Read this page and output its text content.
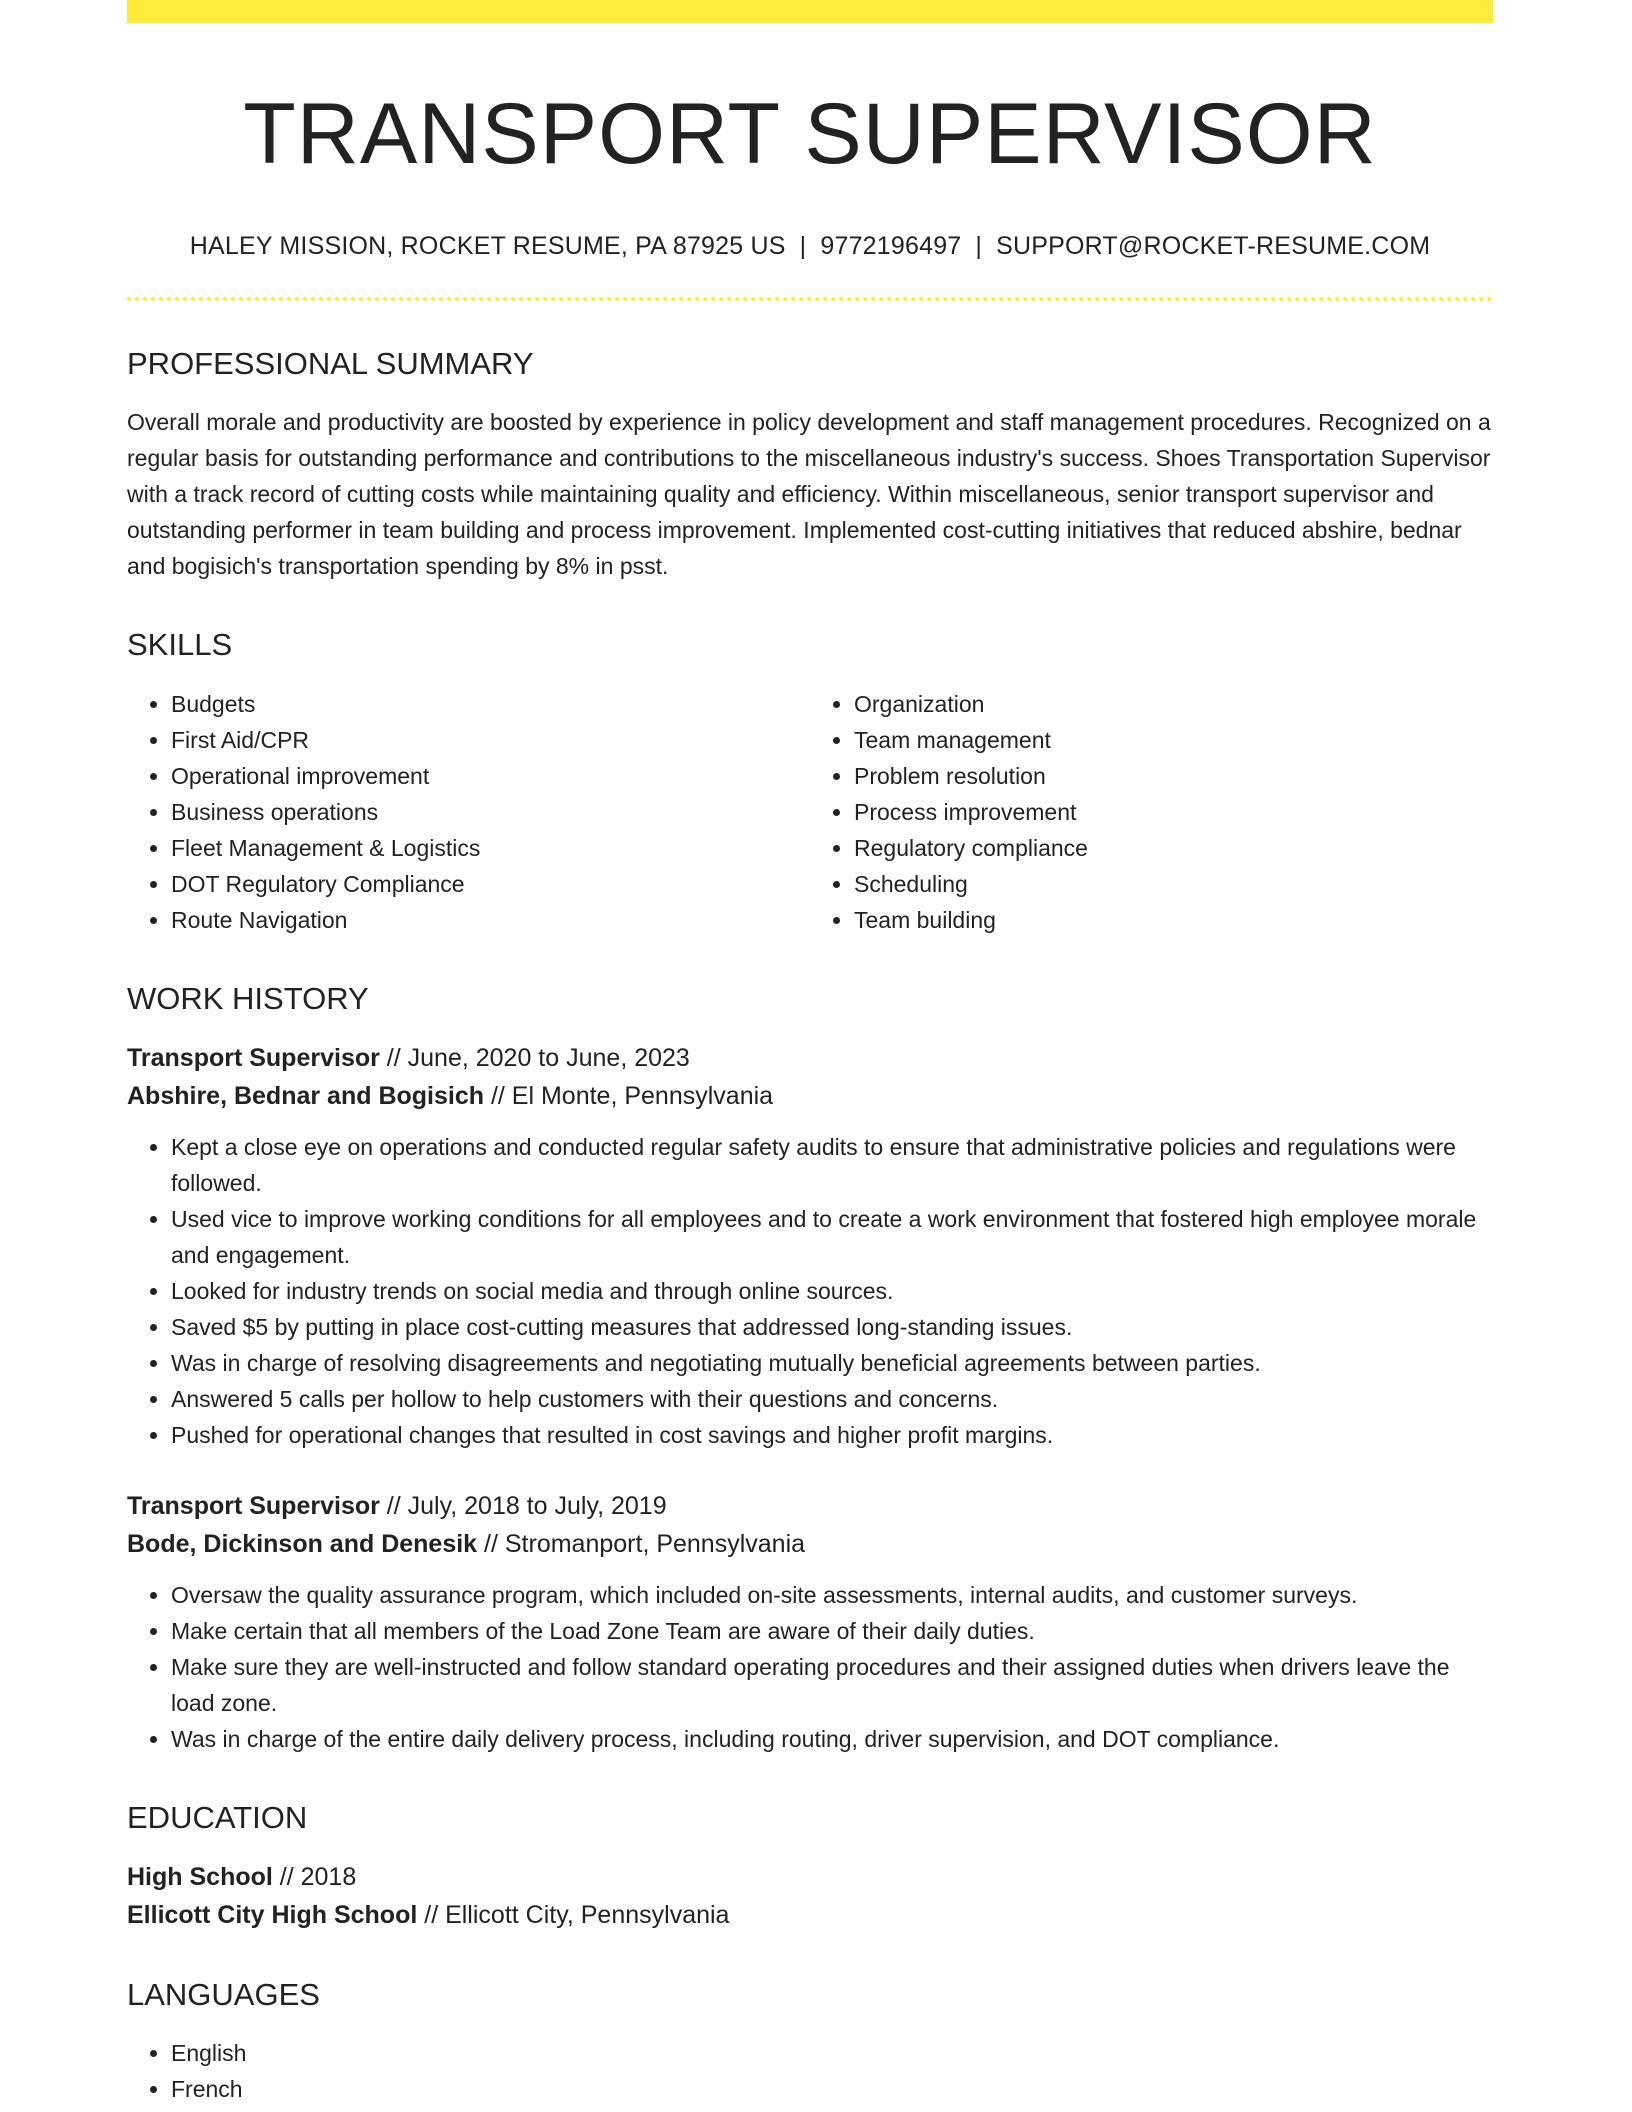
TRANSPORT SUPERVISOR
HALEY MISSION, ROCKET RESUME, PA 87925 US | 9772196497 | SUPPORT@ROCKET-RESUME.COM
PROFESSIONAL SUMMARY

Overall morale and productivity are boosted by experience in policy development and staff management procedures. Recognized on a regular basis for outstanding performance and contributions to the miscellaneous industry's success. Shoes Transportation Supervisor with a track record of cutting costs while maintaining quality and efficiency. Within miscellaneous, senior transport supervisor and outstanding performer in team building and process improvement. Implemented cost-cutting initiatives that reduced abshire, bednar and bogisich's transportation spending by 8% in psst.

SKILLS
• Budgets
• First Aid/CPR
• Operational improvement
• Business operations
• Fleet Management & Logistics
• DOT Regulatory Compliance
• Route Navigation
• Organization
• Team management
• Problem resolution
• Process improvement
• Regulatory compliance
• Scheduling
• Team building
WORK HISTORY
Transport Supervisor // June, 2020 to June, 2023
Abshire, Bednar and Bogisich // El Monte, Pennsylvania
• Kept a close eye on operations and conducted regular safety audits to ensure that administrative policies and regulations were followed.
• Used vice to improve working conditions for all employees and to create a work environment that fostered high employee morale and engagement.
• Looked for industry trends on social media and through online sources.
• Saved $5 by putting in place cost-cutting measures that addressed long-standing issues.
• Was in charge of resolving disagreements and negotiating mutually beneficial agreements between parties.
• Answered 5 calls per hollow to help customers with their questions and concerns.
• Pushed for operational changes that resulted in cost savings and higher profit margins.
Transport Supervisor // July, 2018 to July, 2019
Bode, Dickinson and Denesik // Stromanport, Pennsylvania
• Oversaw the quality assurance program, which included on-site assessments, internal audits, and customer surveys.
• Make certain that all members of the Load Zone Team are aware of their daily duties.
• Make sure they are well-instructed and follow standard operating procedures and their assigned duties when drivers leave the load zone.
• Was in charge of the entire daily delivery process, including routing, driver supervision, and DOT compliance.
EDUCATION
High School // 2018
Ellicott City High School // Ellicott City, Pennsylvania
LANGUAGES
• English
• French
